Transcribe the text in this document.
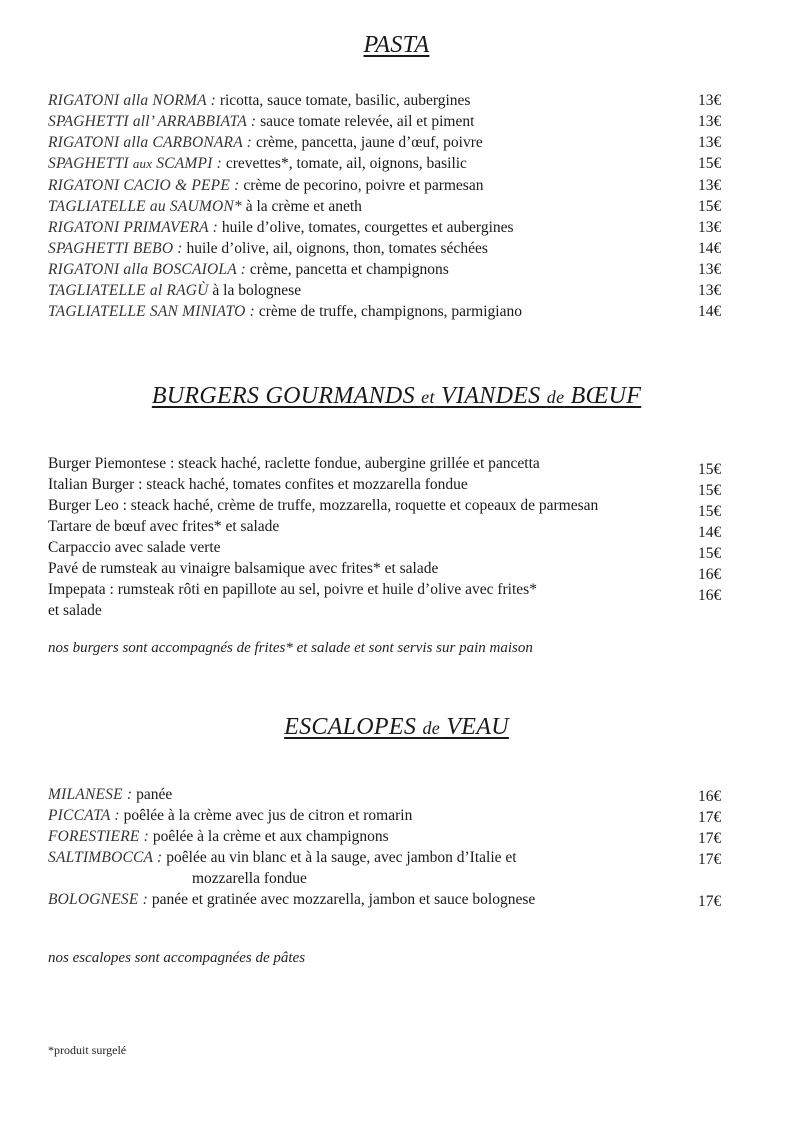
PASTA
RIGATONI alla NORMA : ricotta, sauce tomate, basilic, aubergines	13€
SPAGHETTI all’ ARRABBIATA : sauce tomate relevée, ail et piment	13€
RIGATONI alla CARBONARA : crème, pancetta, jaune d’œuf, poivre	13€
SPAGHETTI aux SCAMPI : crevettes*, tomate, ail, oignons, basilic	15€
RIGATONI CACIO & PEPE : crème de pecorino, poivre et parmesan	13€
TAGLIATELLE au SAUMON* à la crème et aneth	15€
RIGATONI PRIMAVERA : huile d’olive, tomates, courgettes et aubergines	13€
SPAGHETTI BEBO : huile d’olive, ail, oignons, thon, tomates séchées	14€
RIGATONI alla BOSCAIOLA : crème, pancetta et champignons	13€
TAGLIATELLE al RAGÙ à la bolognese	13€
TAGLIATELLE SAN MINIATO : crème de truffe, champignons, parmigiano	14€
BURGERS GOURMANDS et VIANDES de BŒUF
Burger Piemontese : steack haché, raclette fondue, aubergine grillée et pancetta	15€
Italian Burger : steack haché, tomates confites et mozzarella fondue	15€
Burger Leo : steack haché, crème de truffe, mozzarella, roquette et copeaux de parmesan	15€
Tartare de bœuf avec frites* et salade	14€
Carpaccio avec salade verte	15€
Pavé de rumsteak au vinaigre balsamique avec frites* et salade	16€
Impepata : rumsteak rôti en papillote au sel, poivre et huile d’olive avec frites*	16€
et salade
nos burgers sont accompagnés de frites* et salade et sont servis sur pain maison
ESCALOPES de VEAU
MILANESE : panée	16€
PICCATA : poêlée à la crème avec jus de citron et romarin	17€
FORESTIERE : poêlée à la crème et aux champignons	17€
SALTIMBOCCA : poêlée au vin blanc et à la sauge, avec jambon d’Italie et	17€
mozzarella fondue
BOLOGNESE : panée et gratinée avec mozzarella, jambon et sauce bolognese	17€
nos escalopes sont accompagnées de pâtes
*produit surgelé
